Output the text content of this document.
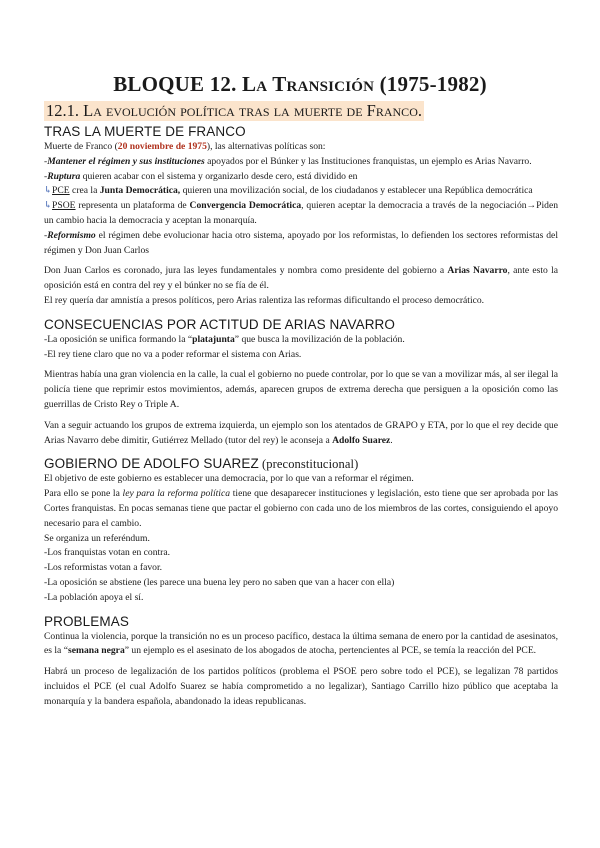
BLOQUE 12. La Transición (1975-1982)
12.1. La evolución política tras la muerte de Franco.
TRAS LA MUERTE DE FRANCO

Muerte de Franco (20 noviembre de 1975), las alternativas políticas son:

-Mantener el régimen y sus instituciones apoyados por el Búnker y las Instituciones franquistas, un ejemplo es Arias Navarro.

-Ruptura quieren acabar con el sistema y organizarlo desde cero, está dividido en

↳PCE crea la Junta Democrática, quieren una movilización social, de los ciudadanos y establecer una República democrática

↳PSOE representa un plataforma de Convergencia Democrática, quieren aceptar la democracia a través de la negociación→Piden un cambio hacia la democracia y aceptan la monarquía.

-Reformismo el régimen debe evolucionar hacia otro sistema, apoyado por los reformistas, lo defienden los sectores reformistas del régimen y Don Juan Carlos

Don Juan Carlos es coronado, jura las leyes fundamentales y nombra como presidente del gobierno a Arias Navarro, ante esto la oposición está en contra del rey y el búnker no se fía de él.

El rey quería dar amnistía a presos políticos, pero Arias ralentiza las reformas dificultando el proceso democrático.

CONSECUENCIAS POR ACTITUD DE ARIAS NAVARRO

-La oposición se unifica formando la “platajunta” que busca la movilización de la población.

-El rey tiene claro que no va a poder reformar el sistema con Arias.

Mientras había una gran violencia en la calle, la cual el gobierno no puede controlar, por lo que se van a movilizar más, al ser ilegal la policía tiene que reprimir estos movimientos, además, aparecen grupos de extrema derecha que persiguen a la oposición como las guerrillas de Cristo Rey o Triple A.

Van a seguir actuando los grupos de extrema izquierda, un ejemplo son los atentados de GRAPO y ETA, por lo que el rey decide que Arias Navarro debe dimitir, Gutiérrez Mellado (tutor del rey) le aconseja a Adolfo Suarez.

GOBIERNO DE ADOLFO SUAREZ (preconstitucional)

El objetivo de este gobierno es establecer una democracia, por lo que van a reformar el régimen.

Para ello se pone la ley para la reforma política tiene que desaparecer instituciones y legislación, esto tiene que ser aprobada por las Cortes franquistas. En pocas semanas tiene que pactar el gobierno con cada uno de los miembros de las cortes, consiguiendo el apoyo necesario para el cambio.

Se organiza un referéndum.

-Los franquistas votan en contra.

-Los reformistas votan a favor.

-La oposición se abstiene (les parece una buena ley pero no saben que van a hacer con ella)

-La población apoya el sí.

PROBLEMAS

Continua la violencia, porque la transición no es un proceso pacífico, destaca la última semana de enero por la cantidad de asesinatos, es la “semana negra” un ejemplo es el asesinato de los abogados de atocha, pertencientes al PCE, se temía la reacción del PCE.

Habrá un proceso de legalización de los partidos políticos (problema el PSOE pero sobre todo el PCE), se legalizan 78 partidos incluidos el PCE (el cual Adolfo Suarez se había comprometido a no legalizar), Santiago Carrillo hizo público que aceptaba la monarquía y la bandera española, abandonado la ideas republicanas.
